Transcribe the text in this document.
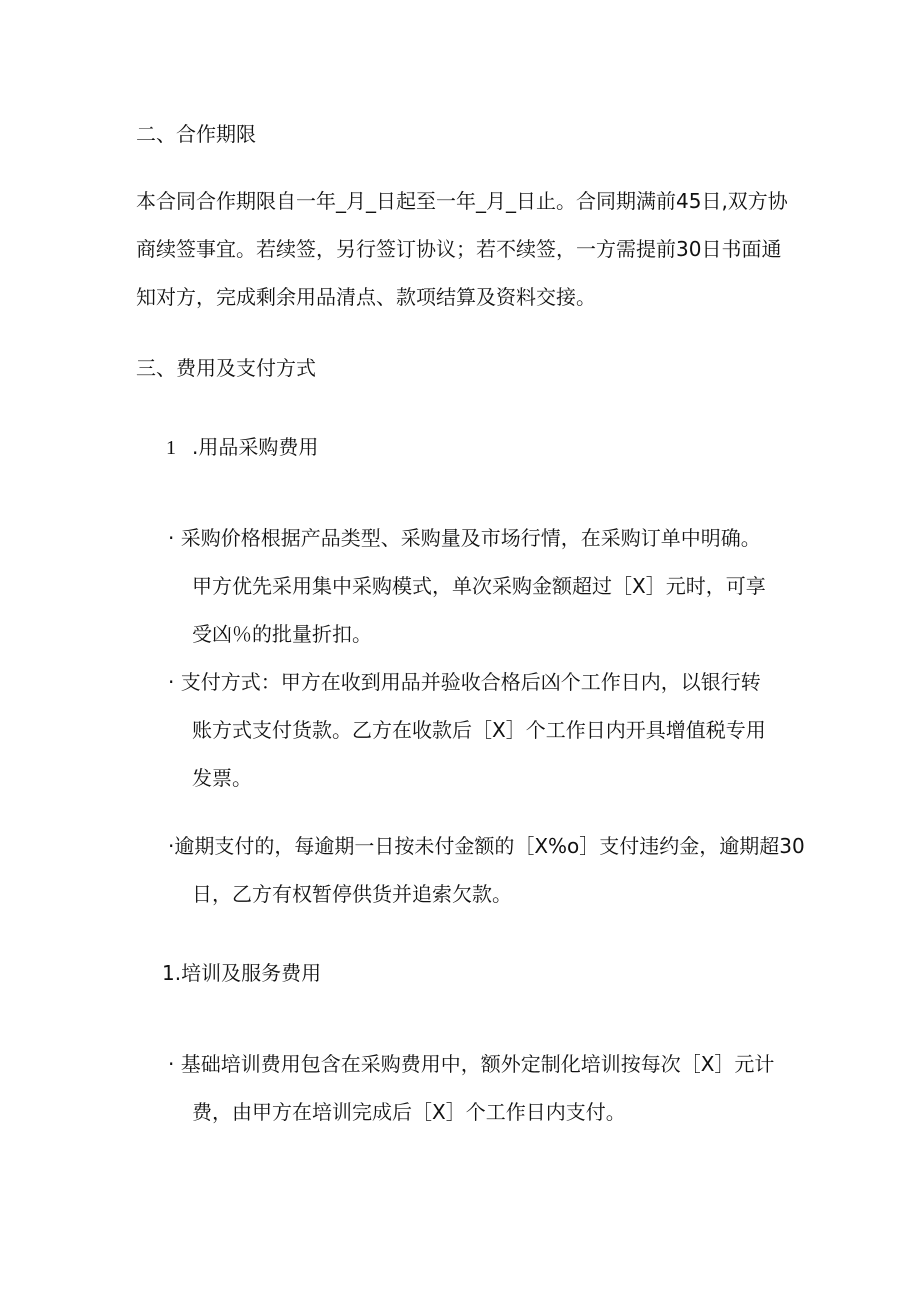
二、合作期限
本合同合作期限自一年_月_日起至一年_月_日止。合同期满前45日,双方协
商续签事宜。若续签，另行签订协议；若不续签，一方需提前30日书面通
知对方，完成剩余用品清点、款项结算及资料交接。
三、费用及支付方式
1 .用品采购费用
· 采购价格根据产品类型、采购量及市场行情，在采购订单中明确。
甲方优先采用集中采购模式，单次采购金额超过［X］元时，可享
受凶％的批量折扣。
· 支付方式：甲方在收到用品并验收合格后凶个工作日内，以银行转
账方式支付货款。乙方在收款后［X］个工作日内开具增值税专用
发票。
·逾期支付的，每逾期一日按未付金额的［X%o］支付违约金，逾期超30
日，乙方有权暂停供货并追索欠款。
1.培训及服务费用
· 基础培训费用包含在采购费用中，额外定制化培训按每次［X］元计
费，由甲方在培训完成后［X］个工作日内支付。
